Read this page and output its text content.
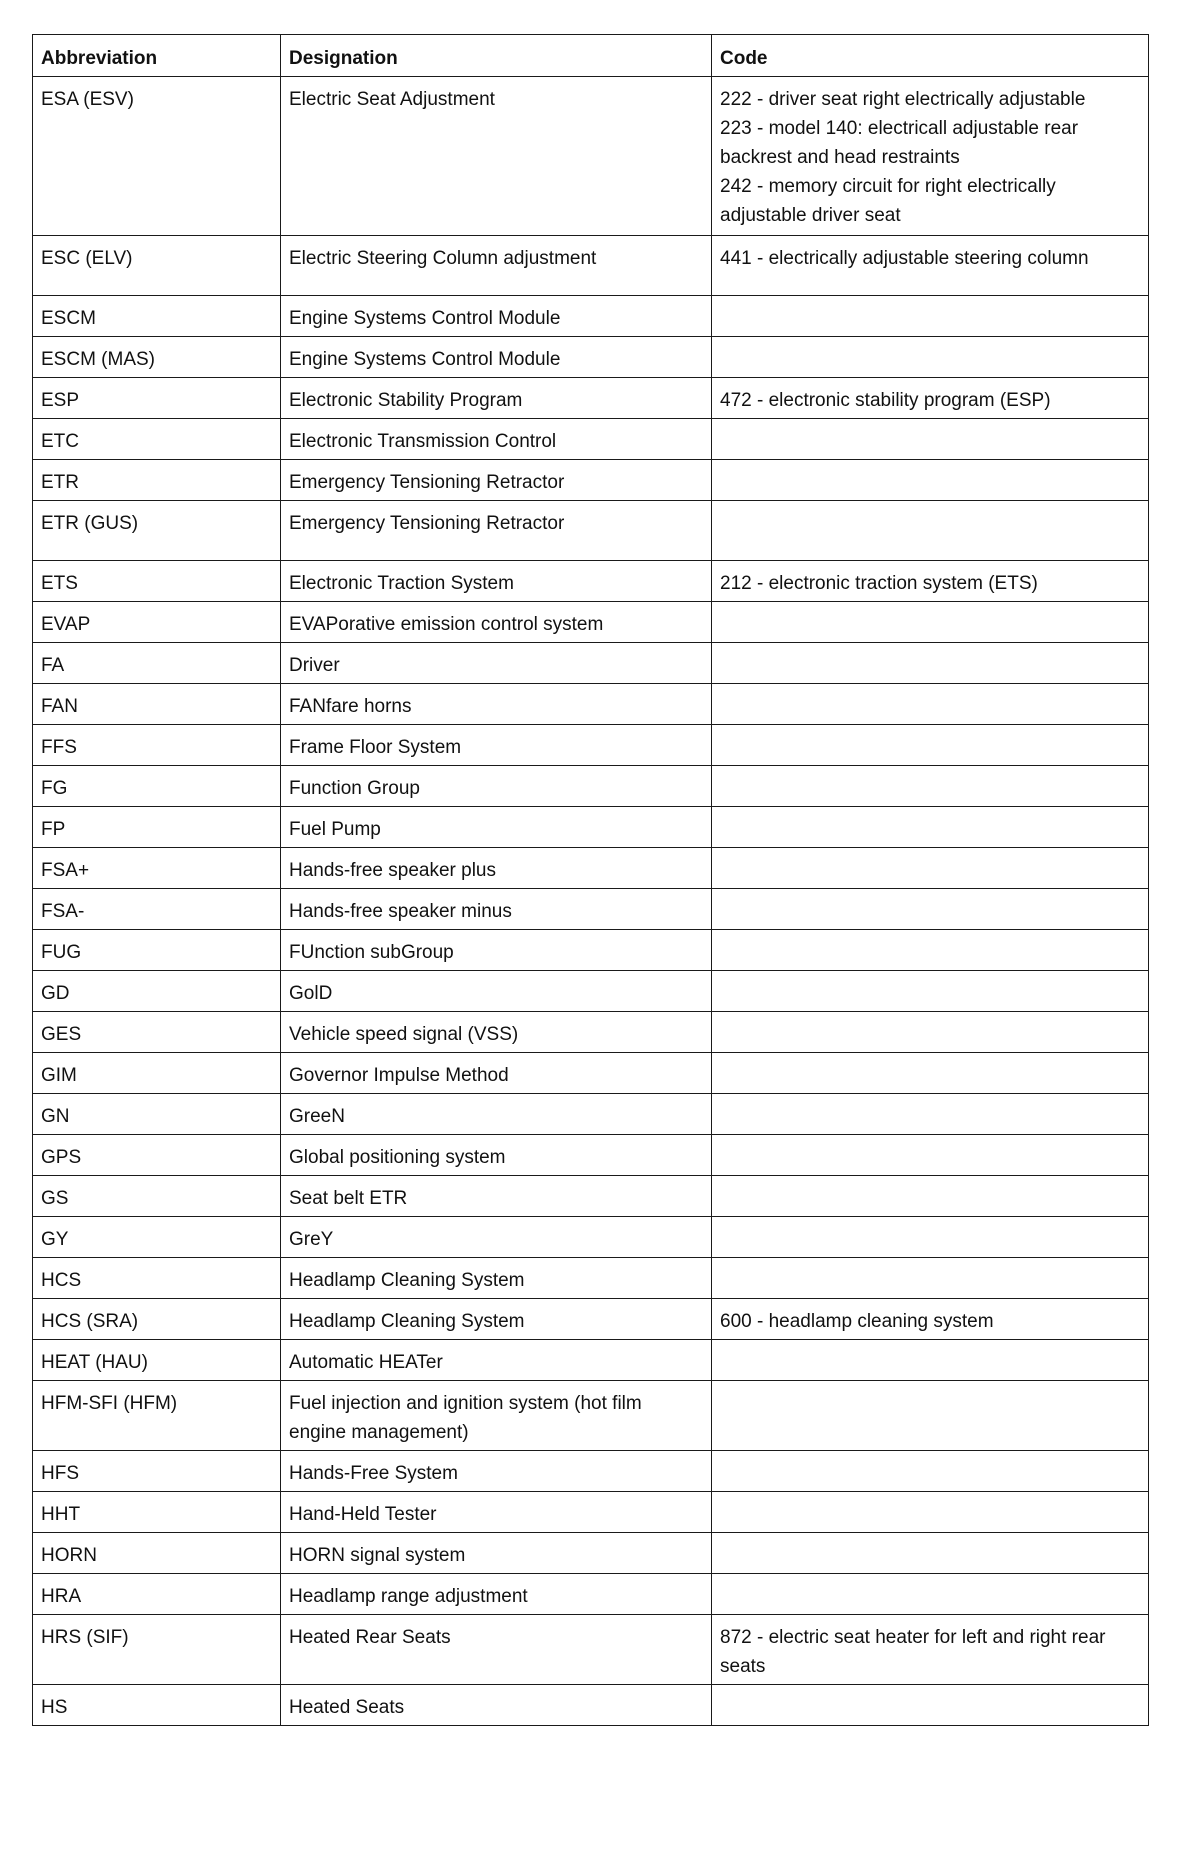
Abbreviation	Designation	Code
ESA (ESV)	Electric Seat Adjustment	222 - driver seat right electrically adjustable
223 - model 140: electricall adjustable rear backrest and head restraints
242 - memory circuit for right electrically adjustable driver seat
ESC (ELV)	Electric Steering Column adjustment	441 - electrically adjustable steering column
ESCM	Engine Systems Control Module	
ESCM (MAS)	Engine Systems Control Module	
ESP	Electronic Stability Program	472 - electronic stability program (ESP)
ETC	Electronic Transmission Control	
ETR	Emergency Tensioning Retractor	
ETR (GUS)	Emergency Tensioning Retractor	
ETS	Electronic Traction System	212 - electronic traction system (ETS)
EVAP	EVAPorative emission control system	
FA	Driver	
FAN	FANfare horns	
FFS	Frame Floor System	
FG	Function Group	
FP	Fuel Pump	
FSA+	Hands-free speaker plus	
FSA-	Hands-free speaker minus	
FUG	FUnction subGroup	
GD	GolD	
GES	Vehicle speed signal (VSS)	
GIM	Governor Impulse Method	
GN	GreeN	
GPS	Global positioning system	
GS	Seat belt ETR	
GY	GreY	
HCS	Headlamp Cleaning System	
HCS (SRA)	Headlamp Cleaning System	600 - headlamp cleaning system
HEAT (HAU)	Automatic HEATer	
HFM-SFI (HFM)	Fuel injection and ignition system (hot film engine management)	
HFS	Hands-Free System	
HHT	Hand-Held Tester	
HORN	HORN signal system	
HRA	Headlamp range adjustment	
HRS (SIF)	Heated Rear Seats	872 - electric seat heater for left and right rear seats
HS	Heated Seats	
